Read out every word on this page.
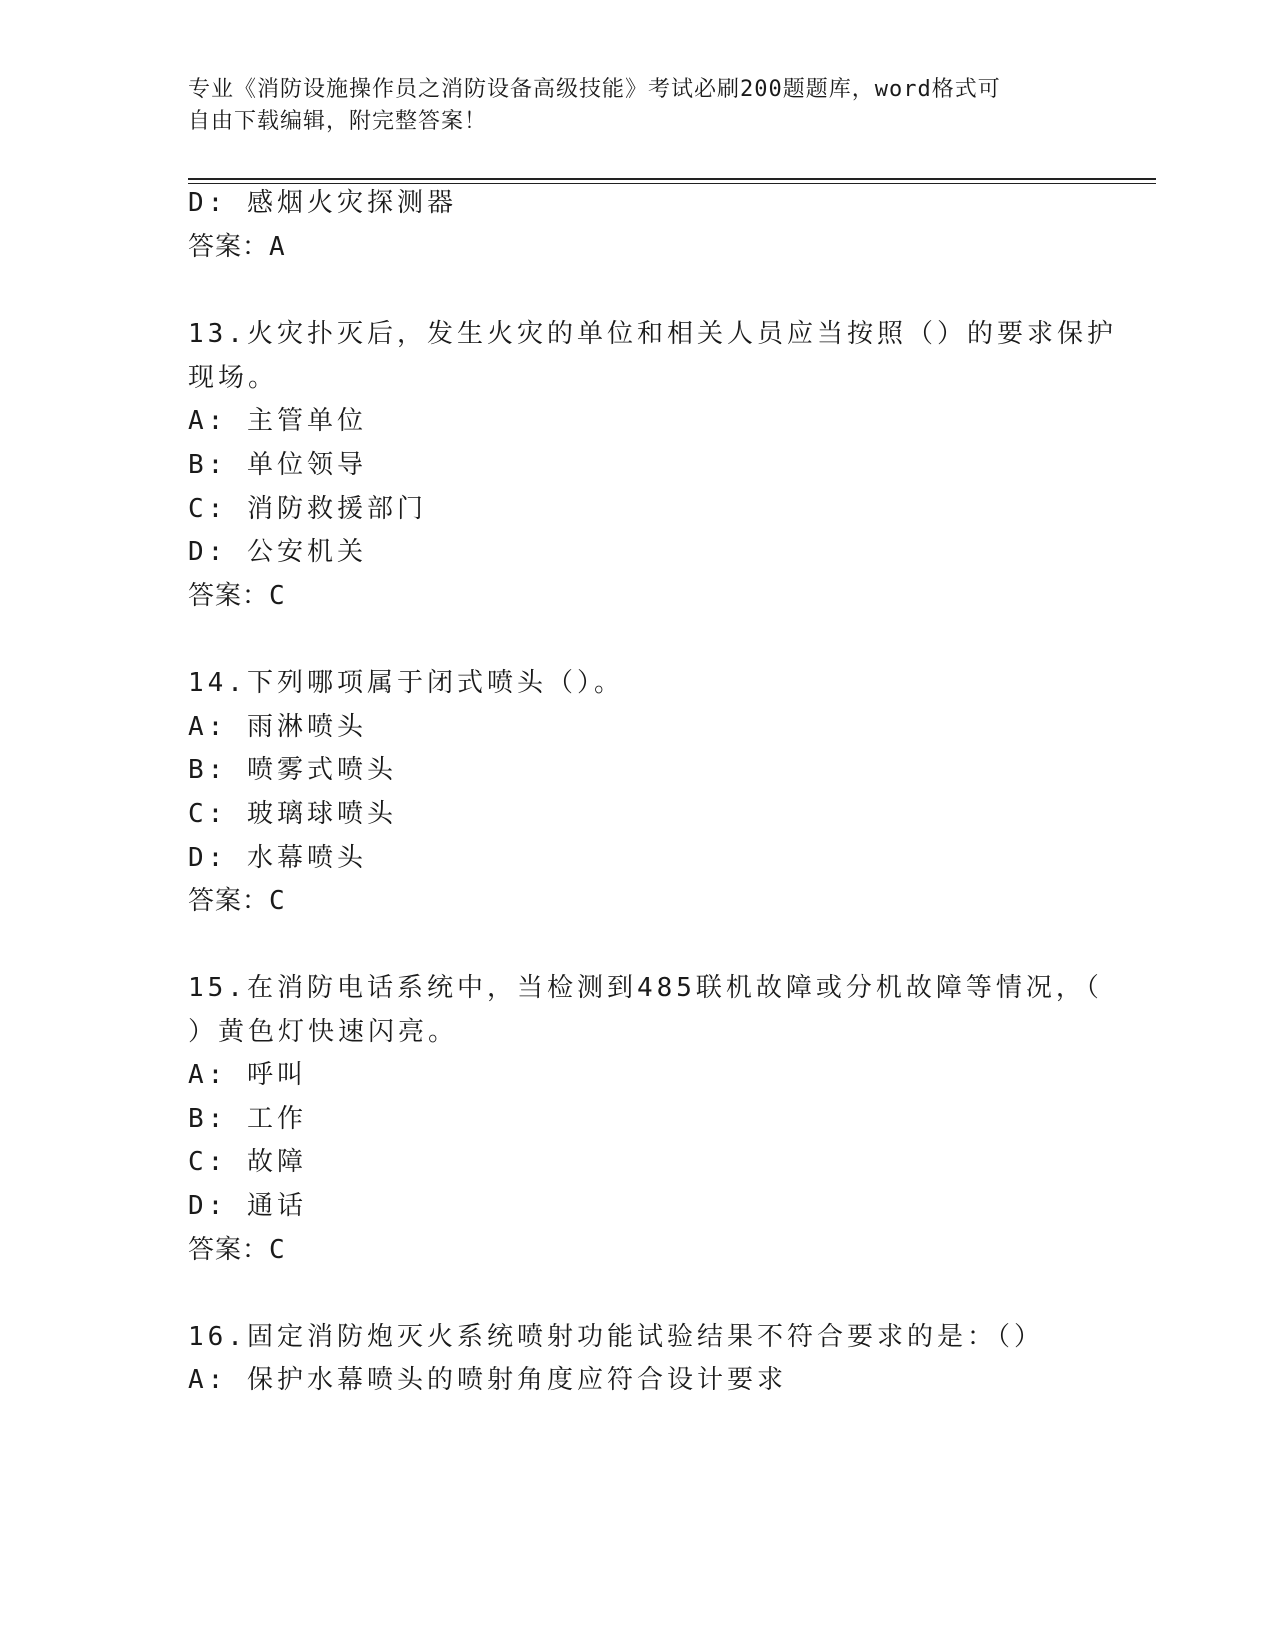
专业《消防设施操作员之消防设备高级技能》考试必刷200题题库，word格式可
自由下载编辑，附完整答案！
D: 感烟火灾探测器
答案：A
13.火灾扑灭后，发生火灾的单位和相关人员应当按照（）的要求保护
现场。
A: 主管单位
B: 单位领导
C: 消防救援部门
D: 公安机关
答案：C
14.下列哪项属于闭式喷头（）。
A: 雨淋喷头
B: 喷雾式喷头
C: 玻璃球喷头
D: 水幕喷头
答案：C
15.在消防电话系统中，当检测到485联机故障或分机故障等情况，（
）黄色灯快速闪亮。
A: 呼叫
B: 工作
C: 故障
D: 通话
答案：C
16.固定消防炮灭火系统喷射功能试验结果不符合要求的是：（）
A: 保护水幕喷头的喷射角度应符合设计要求
